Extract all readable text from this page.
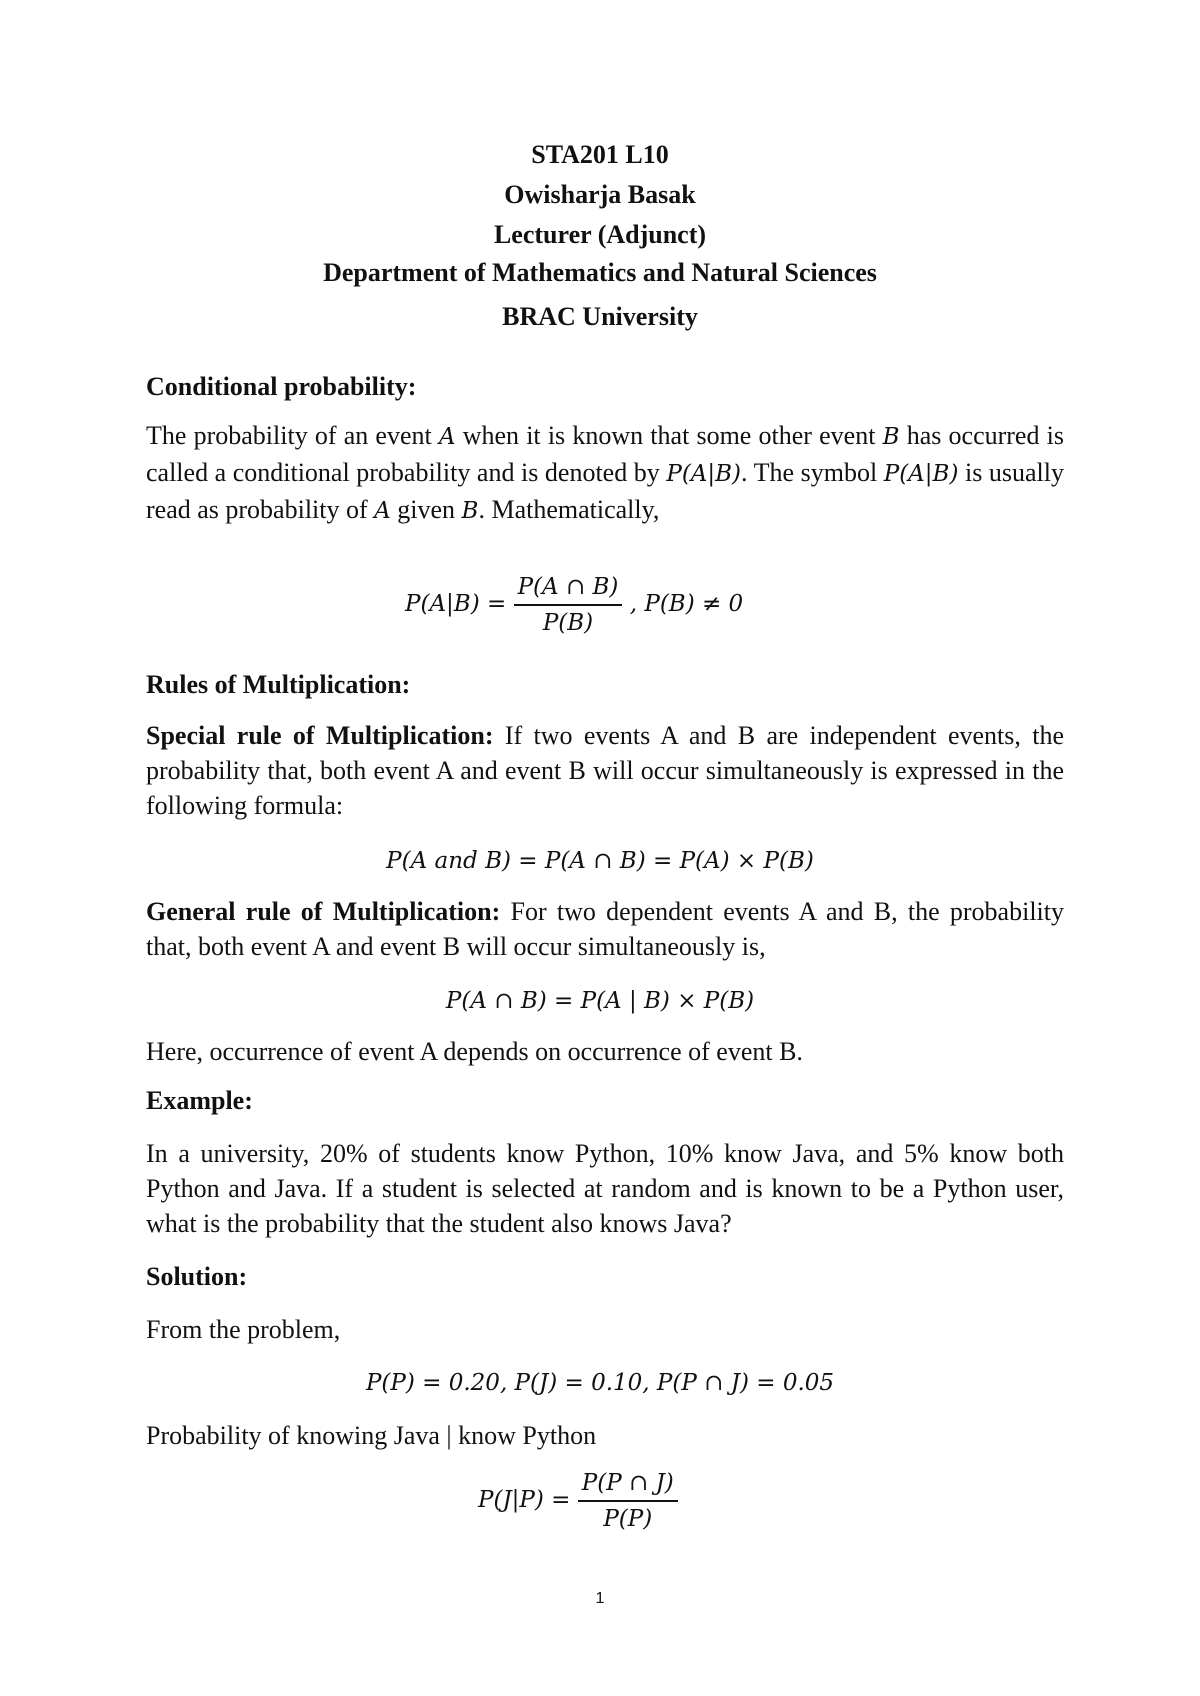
STA201 L10
Owisharja Basak
Lecturer (Adjunct)
Department of Mathematics and Natural Sciences
BRAC University
Conditional probability:

The probability of an event A when it is known that some other event B has occurred is called a conditional probability and is denoted by P(A|B). The symbol P(A|B) is usually read as probability of A given B. Mathematically,

$P(A|B) = \frac{P(A \cap B)}{P(B)}$ , P(B) ≠ 0
Rules of Multiplication:

Special rule of Multiplication: If two events A and B are independent events, the probability that, both event A and event B will occur simultaneously is expressed in the following formula:

P(A and B) = P(A ∩ B) = P(A) × P(B)

General rule of Multiplication: For two dependent events A and B, the probability that, both event A and event B will occur simultaneously is,

P(A ∩ B) = P(A | B) × P(B)
Here, occurrence of event A depends on occurrence of event B.
Example:
In a university, 20% of students know Python, 10% know Java, and 5% know both Python and Java. If a student is selected at random and is known to be a Python user, what is the probability that the student also knows Java?
Solution:
From the problem,
P(P) = 0.20, P(J) = 0.10, P(P ∩ J) = 0.05
Probability of knowing Java | know Python
$P(J|P) = \frac{P(P \cap J)}{P(P)}$
1
